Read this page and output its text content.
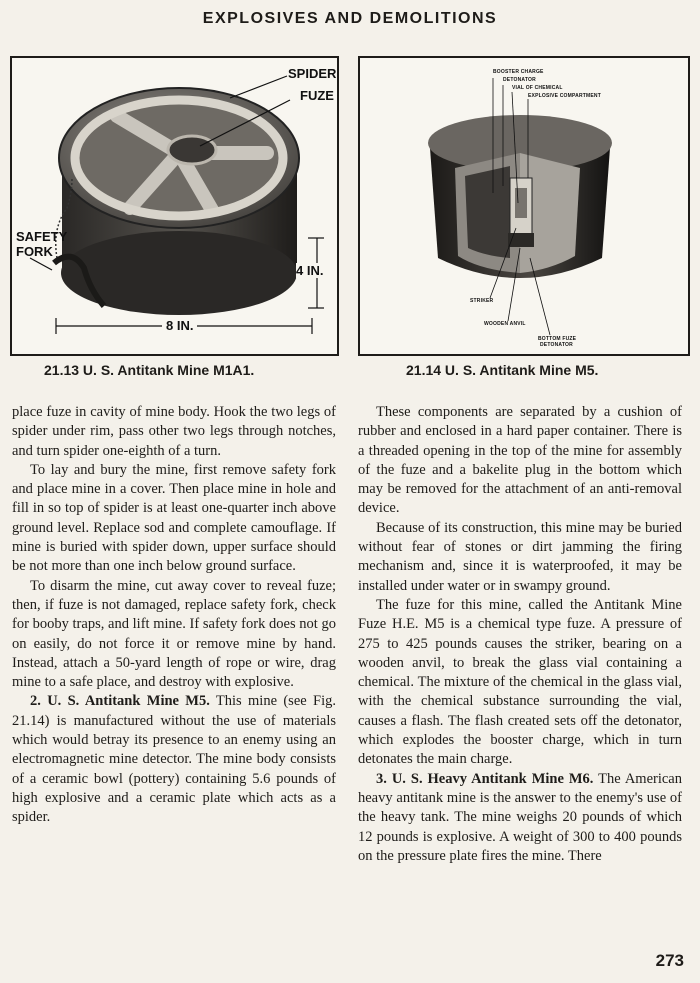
EXPLOSIVES AND DEMOLITIONS
SPIDER
FUZE
SAFETY
FORK
4 IN.
8 IN.
BOOSTER CHARGE
DETONATOR
VIAL OF CHEMICAL
EXPLOSIVE COMPARTMENT
STRIKER
WOODEN ANVIL
BOTTOM FUZE
DETONATOR
21.13 U. S. Antitank Mine M1A1.	21.14 U. S. Antitank Mine M5.

place fuze in cavity of mine body. Hook the two legs of spider under rim, pass other two legs through notches, and turn spider one-eighth of a turn.

To lay and bury the mine, first remove safety fork and place mine in a cover. Then place mine in hole and fill in so top of spider is at least one-quarter inch above ground level. Replace sod and complete camouflage. If mine is buried with spider down, upper surface should be not more than one inch below ground surface.

To disarm the mine, cut away cover to reveal fuze; then, if fuze is not damaged, replace safety fork, check for booby traps, and lift mine. If safety fork does not go on easily, do not force it or remove mine by hand. Instead, attach a 50-yard length of rope or wire, drag mine to a safe place, and destroy with explosive.

2. U. S. Antitank Mine M5. This mine (see Fig. 21.14) is manufactured without the use of materials which would betray its presence to an enemy using an electromagnetic mine detector. The mine body consists of a ceramic bowl (pottery) containing 5.6 pounds of high explosive and a ceramic plate which acts as a spider.

These components are separated by a cushion of rubber and enclosed in a hard paper container. There is a threaded opening in the top of the mine for assembly of the fuze and a bakelite plug in the bottom which may be removed for the attachment of an anti-removal device.

Because of its construction, this mine may be buried without fear of stones or dirt jamming the firing mechanism and, since it is waterproofed, it may be installed under water or in swampy ground.

The fuze for this mine, called the Antitank Mine Fuze H.E. M5 is a chemical type fuze. A pressure of 275 to 425 pounds causes the striker, bearing on a wooden anvil, to break the glass vial containing a chemical. The mixture of the chemical in the glass vial, with the chemical substance surrounding the vial, causes a flash. The flash created sets off the detonator, which explodes the booster charge, which in turn detonates the main charge.

3. U. S. Heavy Antitank Mine M6. The American heavy antitank mine is the answer to the enemy's use of the heavy tank. The mine weighs 20 pounds of which 12 pounds is explosive. A weight of 300 to 400 pounds on the pressure plate fires the mine. There

273
